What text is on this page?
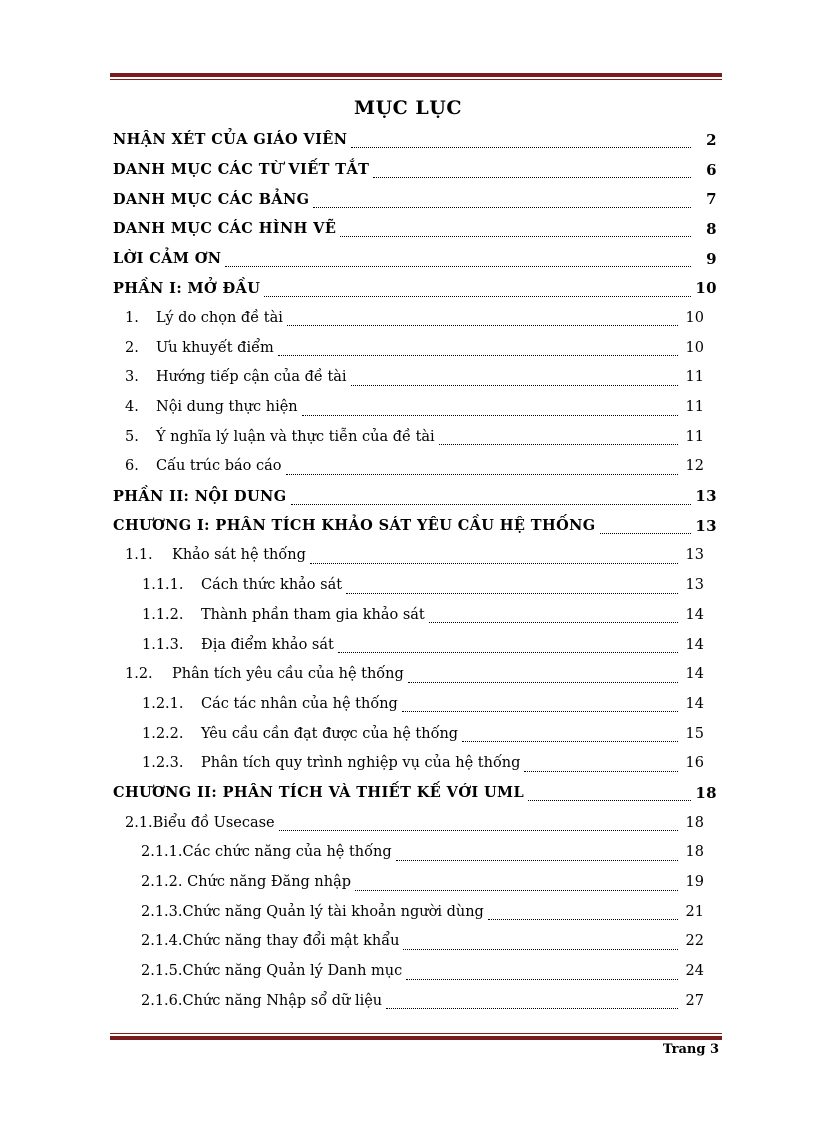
MỤC LỤC
NHẬN XÉT CỦA GIÁO VIÊN	2
DANH MỤC CÁC TỪ VIẾT TẮT	6
DANH MỤC CÁC BẢNG	7
DANH MỤC CÁC HÌNH VẼ	8
LỜI CẢM ƠN	9
PHẦN I: MỞ ĐẦU	10
1.	Lý do chọn đề tài	10
2.	Ưu khuyết điểm	10
3.	Hướng tiếp cận của đề tài	11
4.	Nội dung thực hiện	11
5.	Ý nghĩa lý luận và thực tiễn của đề tài	11
6.	Cấu trúc báo cáo	12
PHẦN II: NỘI DUNG	13
CHƯƠNG I: PHÂN TÍCH KHẢO SÁT YÊU CẦU HỆ THỐNG	13
1.1.	Khảo sát hệ thống	13
1.1.1.	Cách thức khảo sát	13
1.1.2.	Thành phần tham gia khảo sát	14
1.1.3.	Địa điểm khảo sát	14
1.2.	Phân tích yêu cầu của hệ thống	14
1.2.1.	Các tác nhân của hệ thống	14
1.2.2.	Yêu cầu cần đạt được của hệ thống	15
1.2.3.	Phân tích quy trình nghiệp vụ của hệ thống	16
CHƯƠNG II: PHÂN TÍCH VÀ THIẾT KẾ VỚI UML	18
2.1. Biểu đồ Usecase	18
2.1.1. Các chức năng của hệ thống	18
2.1.2. Chức năng Đăng nhập	19
2.1.3. Chức năng Quản lý tài khoản người dùng	21
2.1.4. Chức năng thay đổi mật khẩu	22
2.1.5. Chức năng Quản lý Danh mục	24
2.1.6. Chức năng Nhập sổ dữ liệu	27
Trang 3
